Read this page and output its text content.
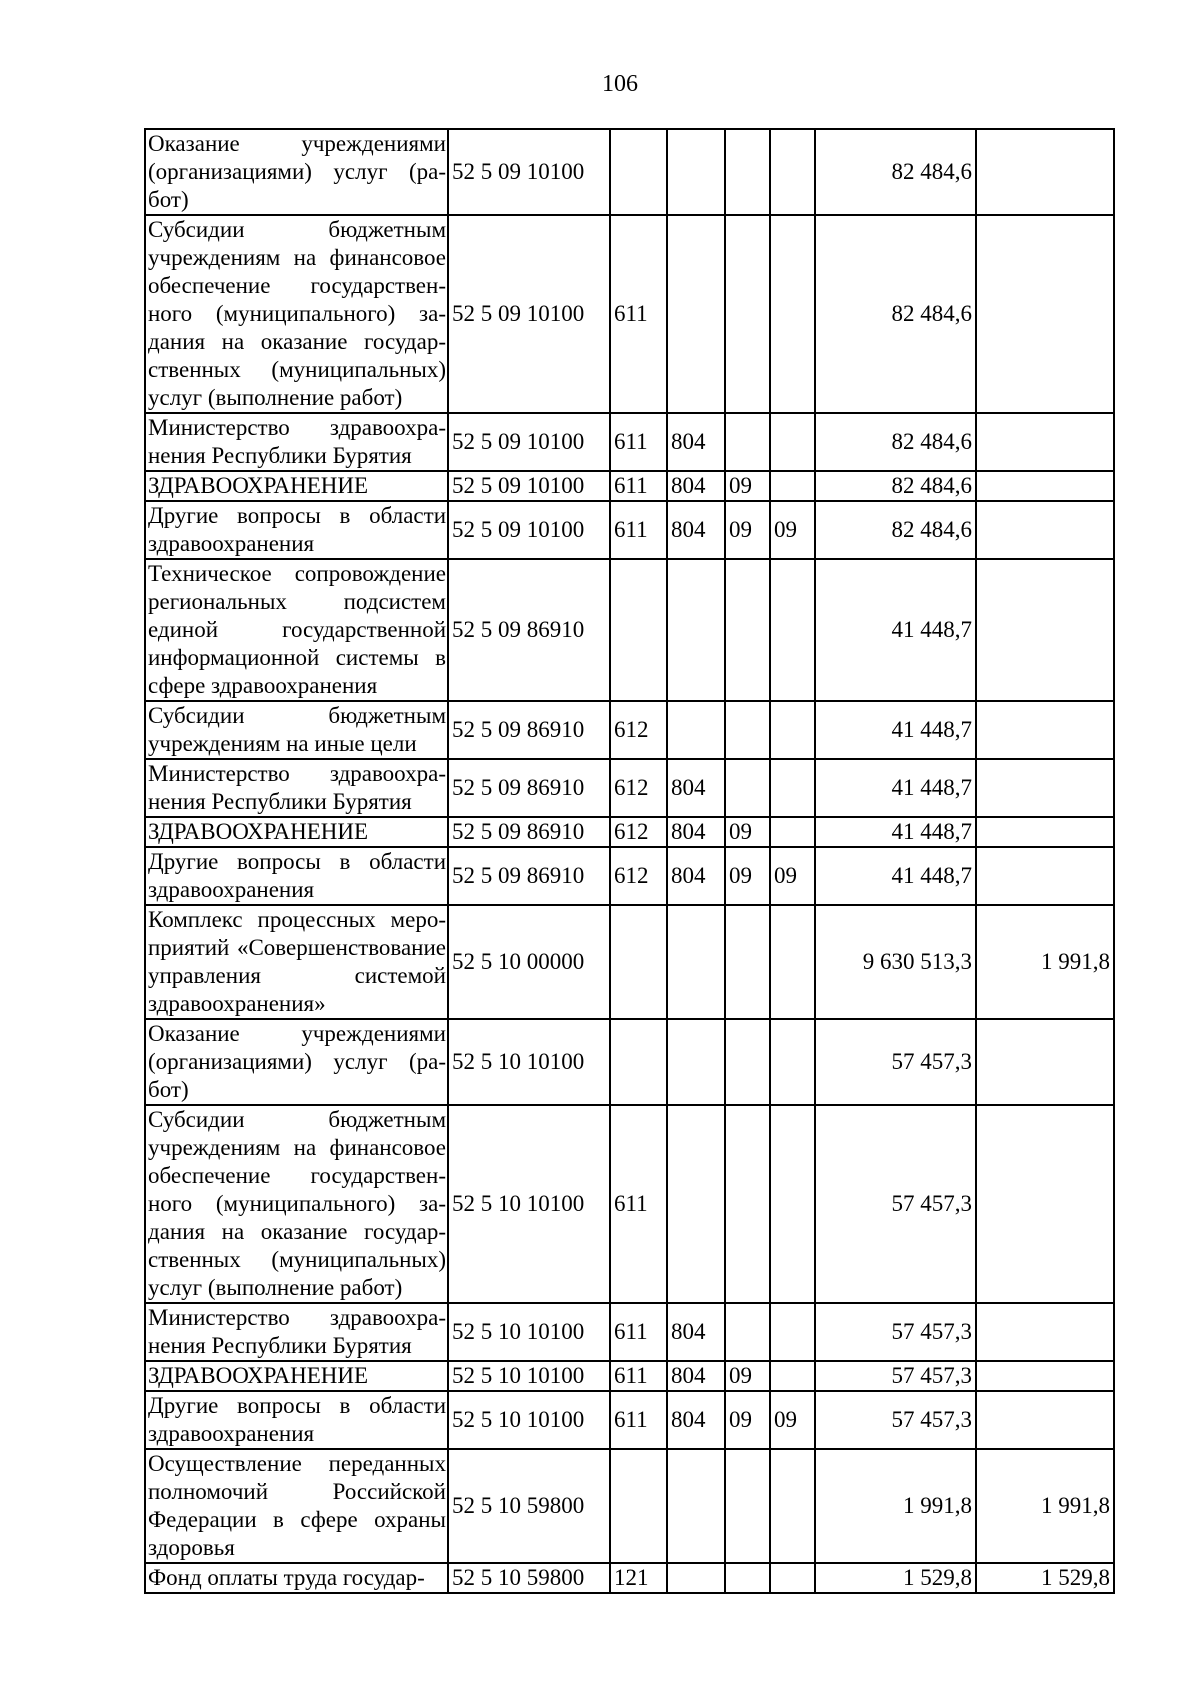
106
Оказание учреждениями (организациями) услуг (работ)	52 5 09 10100					82 484,6	
Субсидии бюджетным учреждениям на финансовое обеспечение государственного (муниципального) задания на оказание государственных (муниципальных) услуг (выполнение работ)	52 5 09 10100	611				82 484,6	
Министерство здравоохранения Республики Бурятия	52 5 09 10100	611	804			82 484,6	
ЗДРАВООХРАНЕНИЕ	52 5 09 10100	611	804	09		82 484,6	
Другие вопросы в области здравоохранения	52 5 09 10100	611	804	09	09	82 484,6	
Техническое сопровождение региональных подсистем единой государственной информационной системы в сфере здравоохранения	52 5 09 86910					41 448,7	
Субсидии бюджетным учреждениям на иные цели	52 5 09 86910	612				41 448,7	
Министерство здравоохранения Республики Бурятия	52 5 09 86910	612	804			41 448,7	
ЗДРАВООХРАНЕНИЕ	52 5 09 86910	612	804	09		41 448,7	
Другие вопросы в области здравоохранения	52 5 09 86910	612	804	09	09	41 448,7	
Комплекс процессных мероприятий «Совершенствование управления системой здравоохранения»	52 5 10 00000					9 630 513,3	1 991,8
Оказание учреждениями (организациями) услуг (работ)	52 5 10 10100					57 457,3	
Субсидии бюджетным учреждениям на финансовое обеспечение государственного (муниципального) задания на оказание государственных (муниципальных) услуг (выполнение работ)	52 5 10 10100	611				57 457,3	
Министерство здравоохранения Республики Бурятия	52 5 10 10100	611	804			57 457,3	
ЗДРАВООХРАНЕНИЕ	52 5 10 10100	611	804	09		57 457,3	
Другие вопросы в области здравоохранения	52 5 10 10100	611	804	09	09	57 457,3	
Осуществление переданных полномочий Российской Федерации в сфере охраны здоровья	52 5 10 59800					1 991,8	1 991,8
Фонд оплаты труда государ-	52 5 10 59800	121				1 529,8	1 529,8
